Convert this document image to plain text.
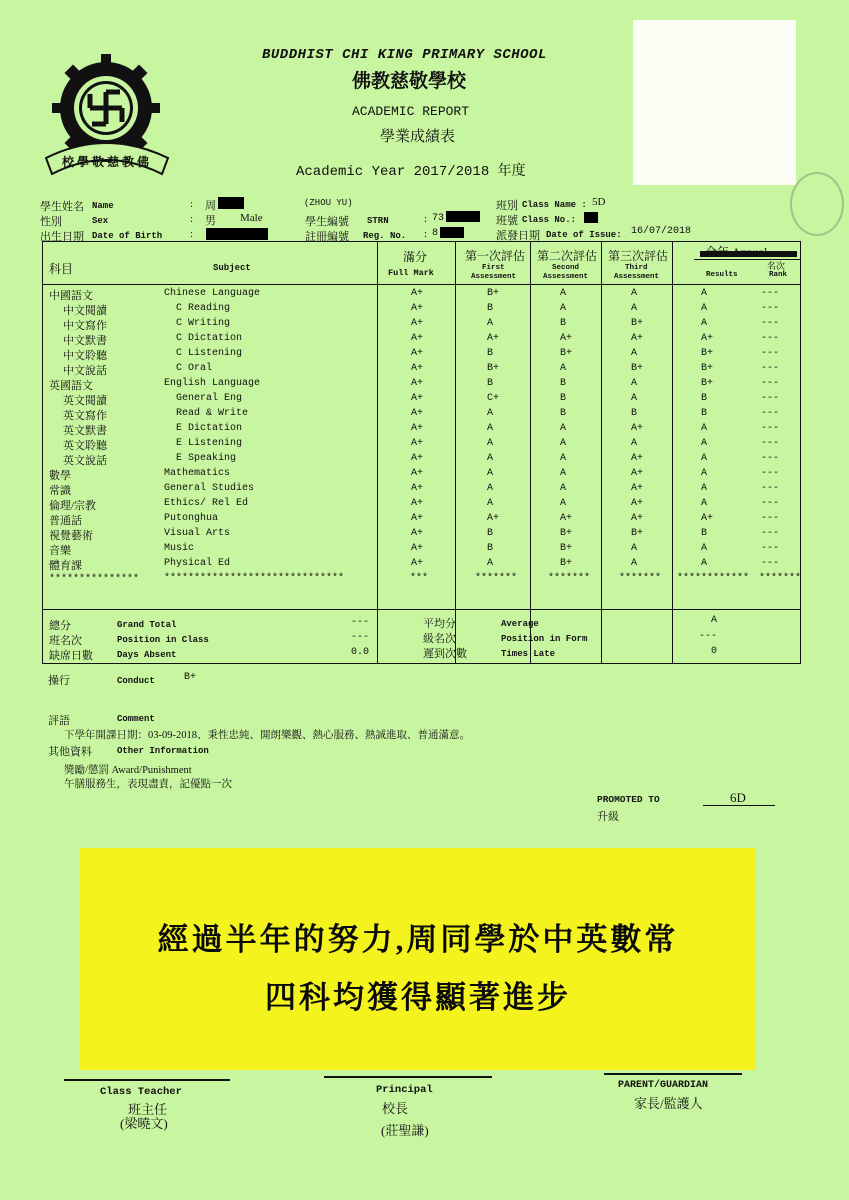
校 學 敬 慈 教 佛
BUDDHIST CHI KING PRIMARY SCHOOL
佛教慈敬學校
ACADEMIC REPORT
學業成績表
Academic Year 2017/2018 年度
學生姓名 Name	: 周	(ZHOU YU)
性別	Sex	: 男 Male
出生日期 Date of Birth	:
學生編號 STRN	: 73
註冊編號 Reg. No. : 8
班別 Class Name : 5D
班號 Class No.:
派發日期 Date of Issue: 16/07/2018
科目	Subject
滿分
Full Mark
第一次評估
First
Assessment
第二次評估
Second
Assessment
第三次評估
Third
Assessment
全年 Annual
成績	名次
Results	Rank
中國語文	Chinese Language	A+	B+	A	A	A	---
中文閱讀	C Reading	A+	B	A	A	A	---
中文寫作	C Writing	A+	A	B	B+	A	---
中文默書	C Dictation	A+	A+	A+	A+	A+	---
中文聆聽	C Listening	A+	B	B+	A	B+	---
中文說話	C Oral	A+	B+	A	B+	B+	---
英國語文	English Language	A+	B	B	A	B+	---
英文閱讀	General Eng	A+	C+	B	A	B	---
英文寫作	Read & Write	A+	A	B	B	B	---
英文默書	E Dictation	A+	A	A	A+	A	---
英文聆聽	E Listening	A+	A	A	A	A	---
英文說話	E Speaking	A+	A	A	A+	A	---
數學	Mathematics	A+	A	A	A+	A	---
常識	General Studies	A+	A	A	A+	A	---
倫理/宗教	Ethics/ Rel Ed	A+	A	A	A+	A	---
普通話	Putonghua	A+	A+	A+	A+	A+	---
視覺藝術	Visual Arts	A+	B	B+	B+	B	---
音樂	Music	A+	B	B+	A	A	---
體育課	Physical Ed	A+	A	B+	A	A	---
*************** ******************************	***	*******	*******	******* ************ *******
總分	Grand Total	---
班名次	Position in Class	---
缺席日數	Days Absent	0.0
平均分	Average	A
級名次	Position in Form	---
遲到次數	Times Late	0
操行	Conduct	B+
評語	Comment
下學年開課日期：03-09-2018、秉性忠純、開朗樂觀、熱心服務、熱誠進取、普通滿意。
其他資料	Other Information
獎勵/懲罰 Award/Punishment
午膳服務生，表現盡責，記優點一次
PROMOTED TO
升級
6D
經過半年的努力,周同學於中英數常
四科均獲得顯著進步
Class Teacher
班主任
(梁曉文)
Principal
校長
(莊聖謙)
PARENT/GUARDIAN
家長/監護人
